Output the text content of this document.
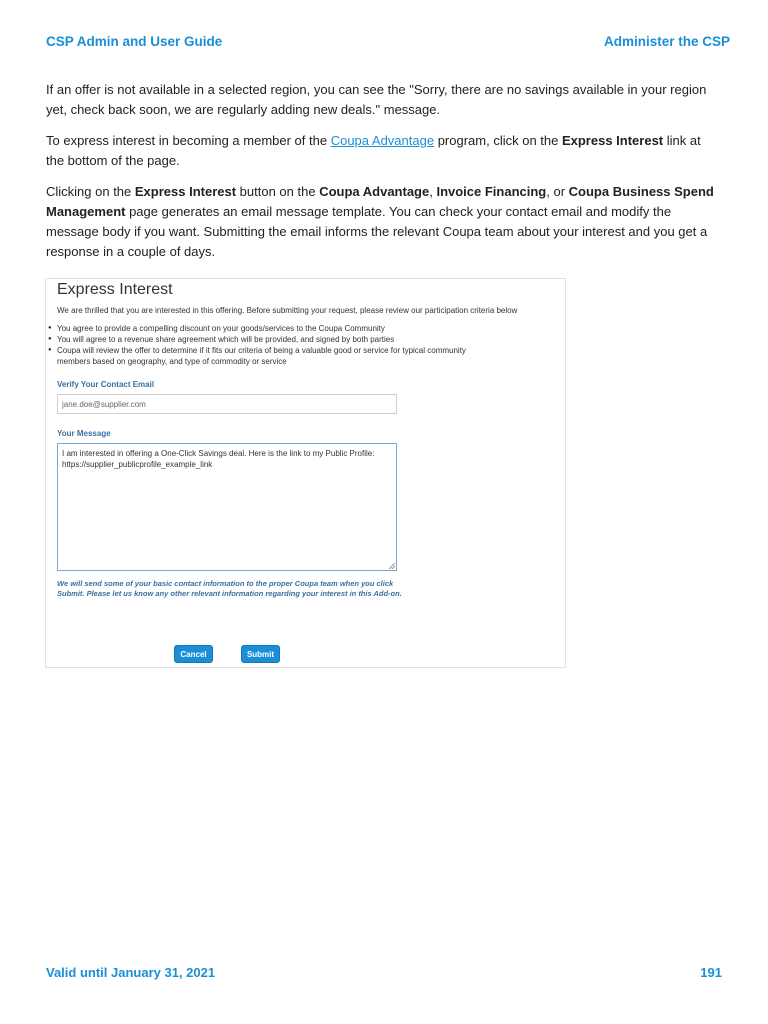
CSP Admin and User Guide	Administer the CSP

If an offer is not available in a selected region, you can see the "Sorry, there are no savings available in your region yet, check back soon, we are regularly adding new deals." message.

To express interest in becoming a member of the Coupa Advantage program, click on the Express Interest link at the bottom of the page.

Clicking on the Express Interest button on the Coupa Advantage, Invoice Financing, or Coupa Business Spend Management page generates an email message template. You can check your contact email and modify the message body if you want. Submitting the email informs the relevant Coupa team about your interest and you get a response in a couple of days.

Express Interest
We are thrilled that you are interested in this offering. Before submitting your request, please review our participation criteria below
● You agree to provide a compelling discount on your goods/services to the Coupa Community
● You will agree to a revenue share agreement which will be provided, and signed by both parties
● Coupa will review the offer to determine if it fits our criteria of being a valuable good or service for typical community members based on geography, and type of commodity or service
Verify Your Contact Email
jane.doe@supplier.com
Your Message
I am interested in offering a One-Click Savings deal. Here is the link to my Public Profile: https://supplier_publicprofile_example_link
We will send some of your basic contact information to the proper Coupa team when you click Submit. Please let us know any other relevant information regarding your interest in this Add-on.
Cancel	Submit
Valid until January 31, 2021	191
